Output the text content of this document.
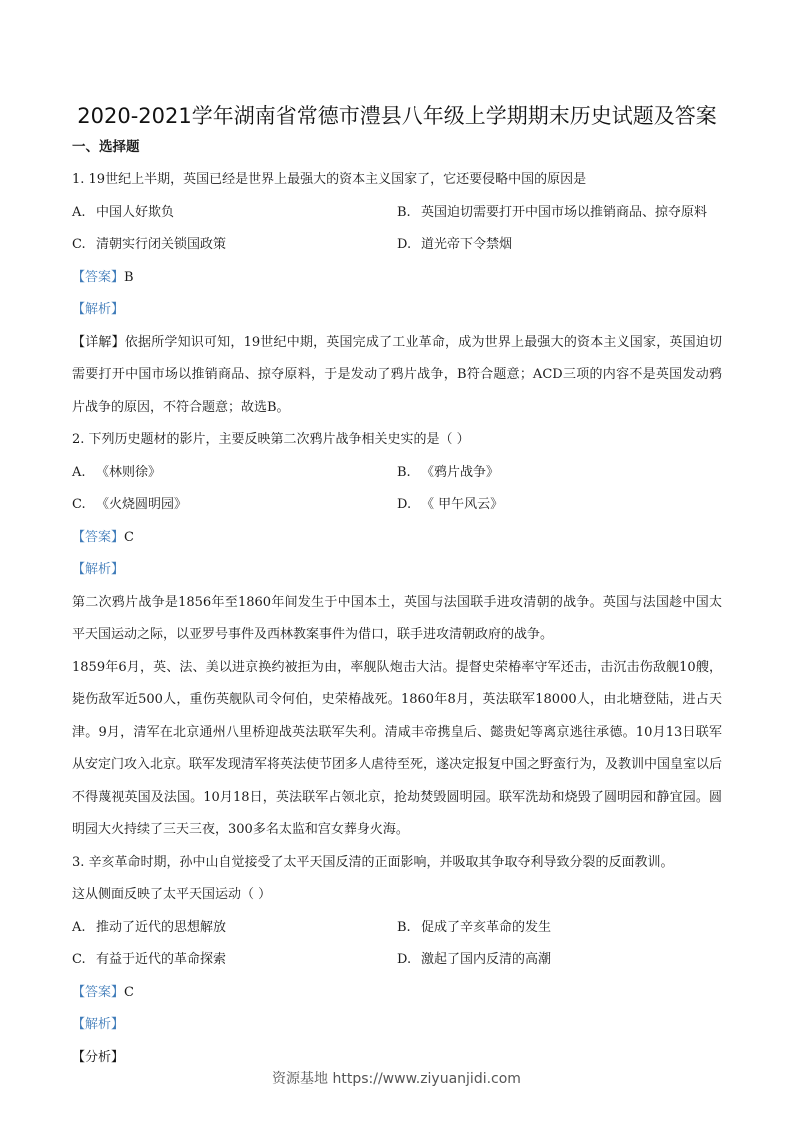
2020-2021学年湖南省常德市澧县八年级上学期期末历史试题及答案
一、选择题
1. 19世纪上半期，英国已经是世界上最强大的资本主义国家了，它还要侵略中国的原因是
A. 中国人好欺负	B. 英国迫切需要打开中国市场以推销商品、掠夺原料
C. 清朝实行闭关锁国政策	D. 道光帝下令禁烟
【答案】B
【解析】

【详解】依据所学知识可知，19世纪中期，英国完成了工业革命，成为世界上最强大的资本主义国家，英国迫切需要打开中国市场以推销商品、掠夺原料，于是发动了鸦片战争，B符合题意；ACD三项的内容不是英国发动鸦片战争的原因，不符合题意；故选B。

2. 下列历史题材的影片，主要反映第二次鸦片战争相关史实的是（ ）
A. 《林则徐》	B. 《鸦片战争》
C. 《火烧圆明园》	D. 《 甲午风云》
【答案】C
【解析】

第二次鸦片战争是1856年至1860年间发生于中国本土，英国与法国联手进攻清朝的战争。英国与法国趁中国太平天国运动之际，以亚罗号事件及西林教案事件为借口，联手进攻清朝政府的战争。

1859年6月，英、法、美以进京换约被拒为由，率舰队炮击大沽。提督史荣椿率守军还击，击沉击伤敌舰10艘，毙伤敌军近500人，重伤英舰队司令何伯，史荣椿战死。1860年8月，英法联军18000人，由北塘登陆，进占天津。9月，清军在北京通州八里桥迎战英法联军失利。清咸丰帝携皇后、懿贵妃等离京逃往承德。10月13日联军从安定门攻入北京。联军发现清军将英法使节团多人虐待至死，遂决定报复中国之野蛮行为，及教训中国皇室以后不得蔑视英国及法国。10月18日，英法联军占领北京，抢劫焚毁圆明园。联军洗劫和烧毁了圆明园和静宜园。圆明园大火持续了三天三夜，300多名太监和宫女葬身火海。

3. 辛亥革命时期，孙中山自觉接受了太平天国反清的正面影响，并吸取其争取夺利导致分裂的反面教训。
这从侧面反映了太平天国运动（ ）
A. 推动了近代的思想解放	B. 促成了辛亥革命的发生
C. 有益于近代的革命探索	D. 激起了国内反清的高潮
【答案】C
【解析】
【分析】
资源基地 https://www.ziyuanjidi.com
